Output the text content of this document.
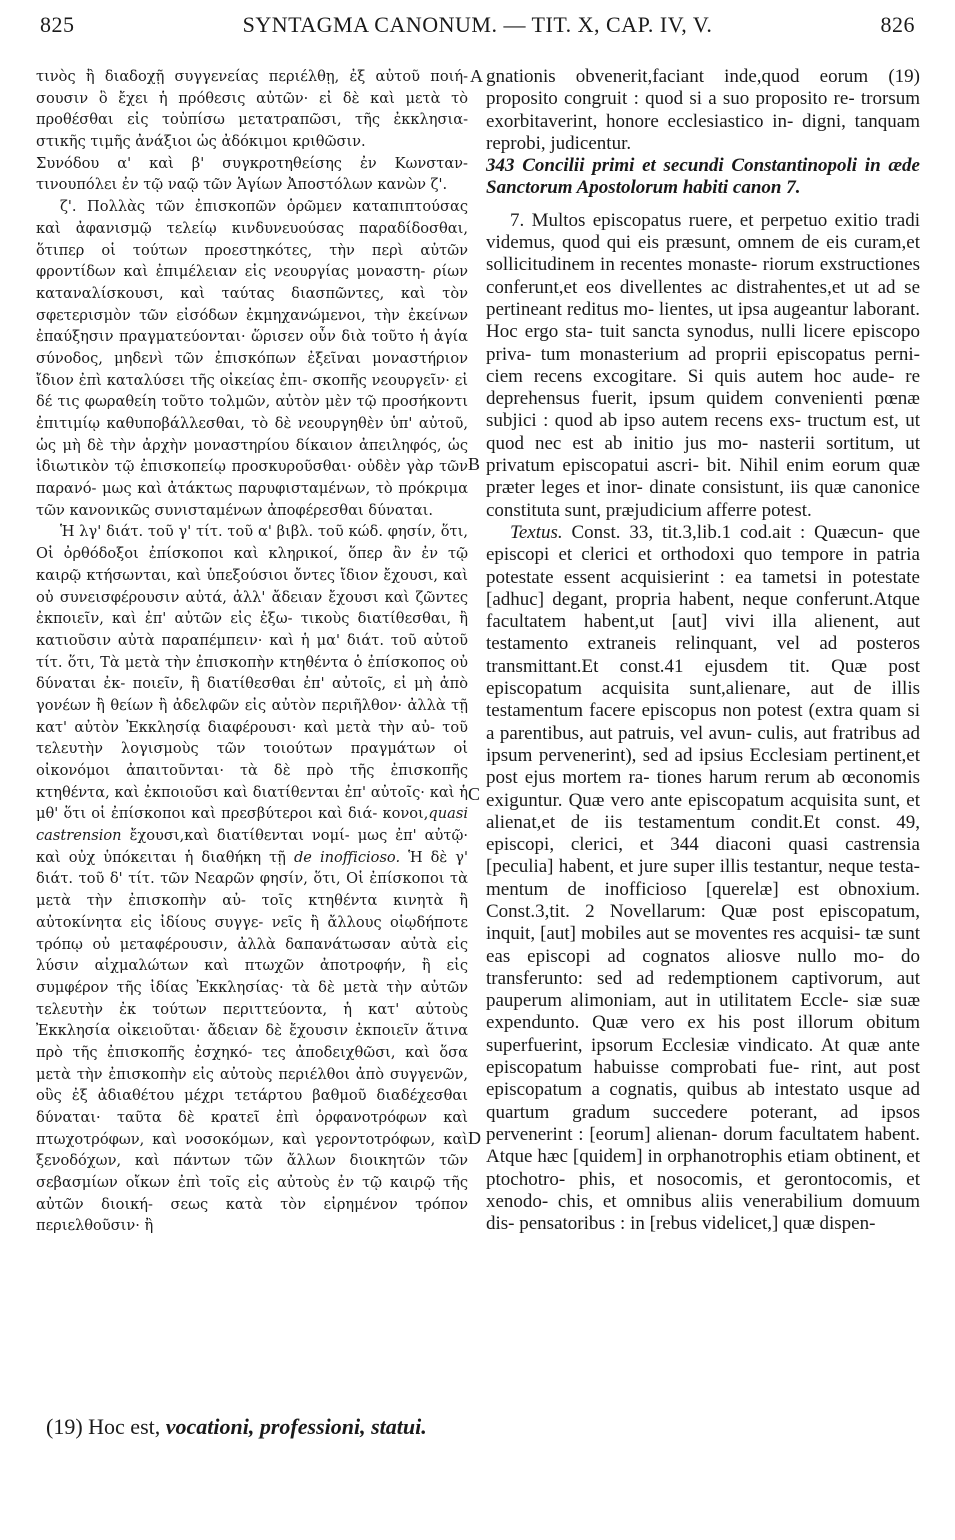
825	SYNTAGMA CANONUM. — TIT. X, CAP. IV, V.	826
A
B
C
D

τινὸς ἢ διαδοχῇ συγγενείας περιέλθῃ, ἐξ αὐτοῦ ποιή- σουσιν ὃ ἔχει ἡ πρόθεσις αὐτῶν· εἰ δὲ καὶ μετὰ τὸ προθέσθαι εἰς τοὐπίσω μετατραπῶσι, τῆς ἐκκλησια- στικῆς τιμῆς ἀνάξιοι ὡς ἀδόκιμοι κριθῶσιν.

Συνόδου α' καὶ β' συγκροτηθείσης ἐν Κωνσταν- τινουπόλει ἐν τῷ ναῷ τῶν Ἁγίων Ἀποστόλων κανὼν ζ'.

ζ'. Πολλὰς τῶν ἐπισκοπῶν ὁρῶμεν καταπιπτούσας καὶ ἀφανισμῷ τελείῳ κινδυνευούσας παραδίδοσθαι, ὅτιπερ οἱ τούτων προεστηκότες, τὴν περὶ αὐτῶν φροντίδων καὶ ἐπιμέλειαν εἰς νεουργίας μοναστη- ρίων καταναλίσκουσι, καὶ ταύτας διασπῶντες, καὶ τὸν σφετερισμὸν τῶν εἰσόδων ἐκμηχανώμενοι, τὴν ἐκείνων ἐπαύξησιν πραγματεύονται· ὥρισεν οὖν διὰ τοῦτο ἡ ἁγία σύνοδος, μηδενὶ τῶν ἐπισκόπων ἐξεῖναι μοναστήριον ἴδιον ἐπὶ καταλύσει τῆς οἰκείας ἐπι- σκοπῆς νεουργεῖν· εἰ δέ τις φωραθείη τοῦτο τολμῶν, αὐτὸν μὲν τῷ προσήκοντι ἐπιτιμίῳ καθυποβάλλεσθαι, τὸ δὲ νεουργηθὲν ὑπ' αὐτοῦ, ὡς μὴ δὲ τὴν ἀρχὴν μοναστηρίου δίκαιον ἀπειληφός, ὡς ἰδιωτικὸν τῷ ἐπισκοπείῳ προσκυροῦσθαι· οὐδὲν γὰρ τῶν παρανό- μως καὶ ἀτάκτως παρυφισταμένων, τὸ πρόκριμα τῶν κανονικῶς συνισταμένων ἀποφέρεσθαι δύναται.

Ἡ λγ' διάτ. τοῦ γ' τίτ. τοῦ α' βιβλ. τοῦ κώδ. φησίν, ὅτι, Οἱ ὀρθόδοξοι ἐπίσκοποι καὶ κληρικοί, ὅπερ ἂν ἐν τῷ καιρῷ κτήσωνται, καὶ ὑπεξούσιοι ὄντες ἴδιον ἔχουσι, καὶ οὐ συνεισφέρουσιν αὐτά, ἀλλ' ἄδειαν ἔχουσι καὶ ζῶντες ἐκποιεῖν, καὶ ἐπ' αὐτῶν εἰς ἐξω- τικοὺς διατίθεσθαι, ἢ κατιοῦσιν αὐτὰ παραπέμπειν· καὶ ἡ μα' διάτ. τοῦ αὐτοῦ τίτ. ὅτι, Τὰ μετὰ τὴν ἐπισκοπὴν κτηθέντα ὁ ἐπίσκοπος οὐ δύναται ἐκ- ποιεῖν, ἢ διατίθεσθαι ἐπ' αὐτοῖς, εἰ μὴ ἀπὸ γονέων ἢ θείων ἢ ἀδελφῶν εἰς αὐτὸν περιῆλθον· ἀλλὰ τῇ κατ' αὐτὸν Ἐκκλησίᾳ διαφέρουσι· καὶ μετὰ τὴν αὐ- τοῦ τελευτὴν λογισμοὺς τῶν τοιούτων πραγμάτων οἱ οἰκονόμοι ἀπαιτοῦνται· τὰ δὲ πρὸ τῆς ἐπισκοπῆς κτηθέντα, καὶ ἐκποιοῦσι καὶ διατίθενται ἐπ' αὐτοῖς· καὶ ἡ μθ' ὅτι οἱ ἐπίσκοποι καὶ πρεσβύτεροι καὶ διά- κονοι,quasi castrension ἔχουσι,καὶ διατίθενται νομί- μως ἐπ' αὐτῷ· καὶ οὐχ ὑπόκειται ἡ διαθήκη τῇ de inofficioso. Ἡ δὲ γ' διάτ. τοῦ δ' τίτ. τῶν Νεαρῶν φησίν, ὅτι, Οἱ ἐπίσκοποι τὰ μετὰ τὴν ἐπισκοπὴν αὐ- τοῖς κτηθέντα κινητὰ ἢ αὐτοκίνητα εἰς ἰδίους συγγε- νεῖς ἢ ἄλλους οἱῳδήποτε τρόπῳ οὐ μεταφέρουσιν, ἀλλὰ δαπανάτωσαν αὐτὰ εἰς λύσιν αἰχμαλώτων καὶ πτωχῶν ἀποτροφήν, ἢ εἰς συμφέρον τῆς ἰδίας Ἐκκλησίας· τὰ δὲ μετὰ τὴν αὐτῶν τελευτὴν ἐκ τούτων περιττεύοντα, ἡ κατ' αὐτοὺς Ἐκκλησία οἰκειοῦται· ἄδειαν δὲ ἔχουσιν ἐκποιεῖν ἅτινα πρὸ τῆς ἐπισκοπῆς ἐσχηκό- τες ἀποδειχθῶσι, καὶ ὅσα μετὰ τὴν ἐπισκοπὴν εἰς αὐτοὺς περιέλθοι ἀπὸ συγγενῶν, οὓς ἐξ ἀδιαθέτου μέχρι τετάρτου βαθμοῦ διαδέχεσθαι δύναται· ταῦτα δὲ κρατεῖ ἐπὶ ὀρφανοτρόφων καὶ πτωχοτρόφων, καὶ νοσοκόμων, καὶ γεροντοτρόφων, καὶ ξενοδόχων, καὶ πάντων τῶν ἄλλων διοικητῶν τῶν σεβασμίων οἴκων ἐπὶ τοῖς εἰς αὐτοὺς ἐν τῷ καιρῷ τῆς αὐτῶν διοική- σεως κατὰ τὸν εἰρημένον τρόπον περιελθοῦσιν· ἢ

gnationis obvenerit,faciant inde,quod eorum (19) proposito congruit : quod si a suo proposito re- trorsum exorbitaverint, honore ecclesiastico in- digni, tanquam reprobi, judicentur.

343 Concilii primi et secundi Constantinopoli in æde Sanctorum Apostolorum habiti canon 7.

7. Multos episcopatus ruere, et perpetuo exitio tradi videmus, quod qui eis præsunt, omnem de eis curam,et sollicitudinem in recentes monaste- riorum exstructiones conferunt,et eos divellentes ac distrahentes,et ut ad se pertineant reditus mo- lientes, ut ipsa augeantur laborant. Hoc ergo sta- tuit sancta synodus, nulli licere episcopo priva- tum monasterium ad proprii episcopatus perni- ciem recens excogitare. Si quis autem hoc aude- re deprehensus fuerit, ipsum quidem convenienti pœnæ subjici : quod ab ipso autem recens exs- tructum est, ut quod nec est ab initio jus mo- nasterii sortitum, ut privatum episcopatui ascri- bit. Nihil enim eorum quæ præter leges et inor- dinate consistunt, iis quæ canonice constituta sunt, præjudicium afferre potest.

Textus. Const. 33, tit.3,lib.1 cod.ait : Quæcun- que episcopi et clerici et orthodoxi quo tempore in patria potestate essent acquisierint : ea tametsi in potestate [adhuc] degant, propria habent, neque conferunt.Atque facultatem habent,ut [aut] vivi illa alienent, aut testamento extraneis relinquant, vel ad posteros transmittant.Et const.41 ejusdem tit. Quæ post episcopatum acquisita sunt,alienare, aut de illis testamentum facere episcopus non potest (extra quam si a parentibus, aut patruis, vel avun- culis, aut fratribus ad ipsum pervenerint), sed ad ipsius Ecclesiam pertinent,et post ejus mortem ra- tiones harum rerum ab œconomis exiguntur. Quæ vero ante episcopatum acquisita sunt, et alienat,et de iis testamentum condit.Et const. 49, episcopi, clerici, et 344 diaconi quasi castrensia [peculia] habent, et jure super illis testantur, neque testa- mentum de inofficioso [querelæ] est obnoxium. Const.3,tit. 2 Novellarum: Quæ post episcopatum, inquit, [aut] mobiles aut se moventes res acquisi- tæ sunt eas episcopi ad cognatos aliosve nullo mo- do transferunto: sed ad redemptionem captivorum, aut pauperum alimoniam, aut in utilitatem Eccle- siæ suæ expendunto. Quæ vero ex his post illorum obitum superfuerint, ipsorum Ecclesiæ vindicato. At quæ ante episcopatum habuisse comprobati fue- rint, aut post episcopatum a cognatis, quibus ab intestato usque ad quartum gradum succedere poterant, ad ipsos pervenerint : [eorum] alienan- dorum facultatem habent. Atque hæc [quidem] in orphanotrophis etiam obtinent, et ptochotro- phis, et nosocomis, et gerontocomis, et xenodo- chis, et omnibus aliis venerabilium domuum dis- pensatoribus : in [rebus videlicet,] quæ dispen-

(19) Hoc est, vocationi, professioni, statui.
